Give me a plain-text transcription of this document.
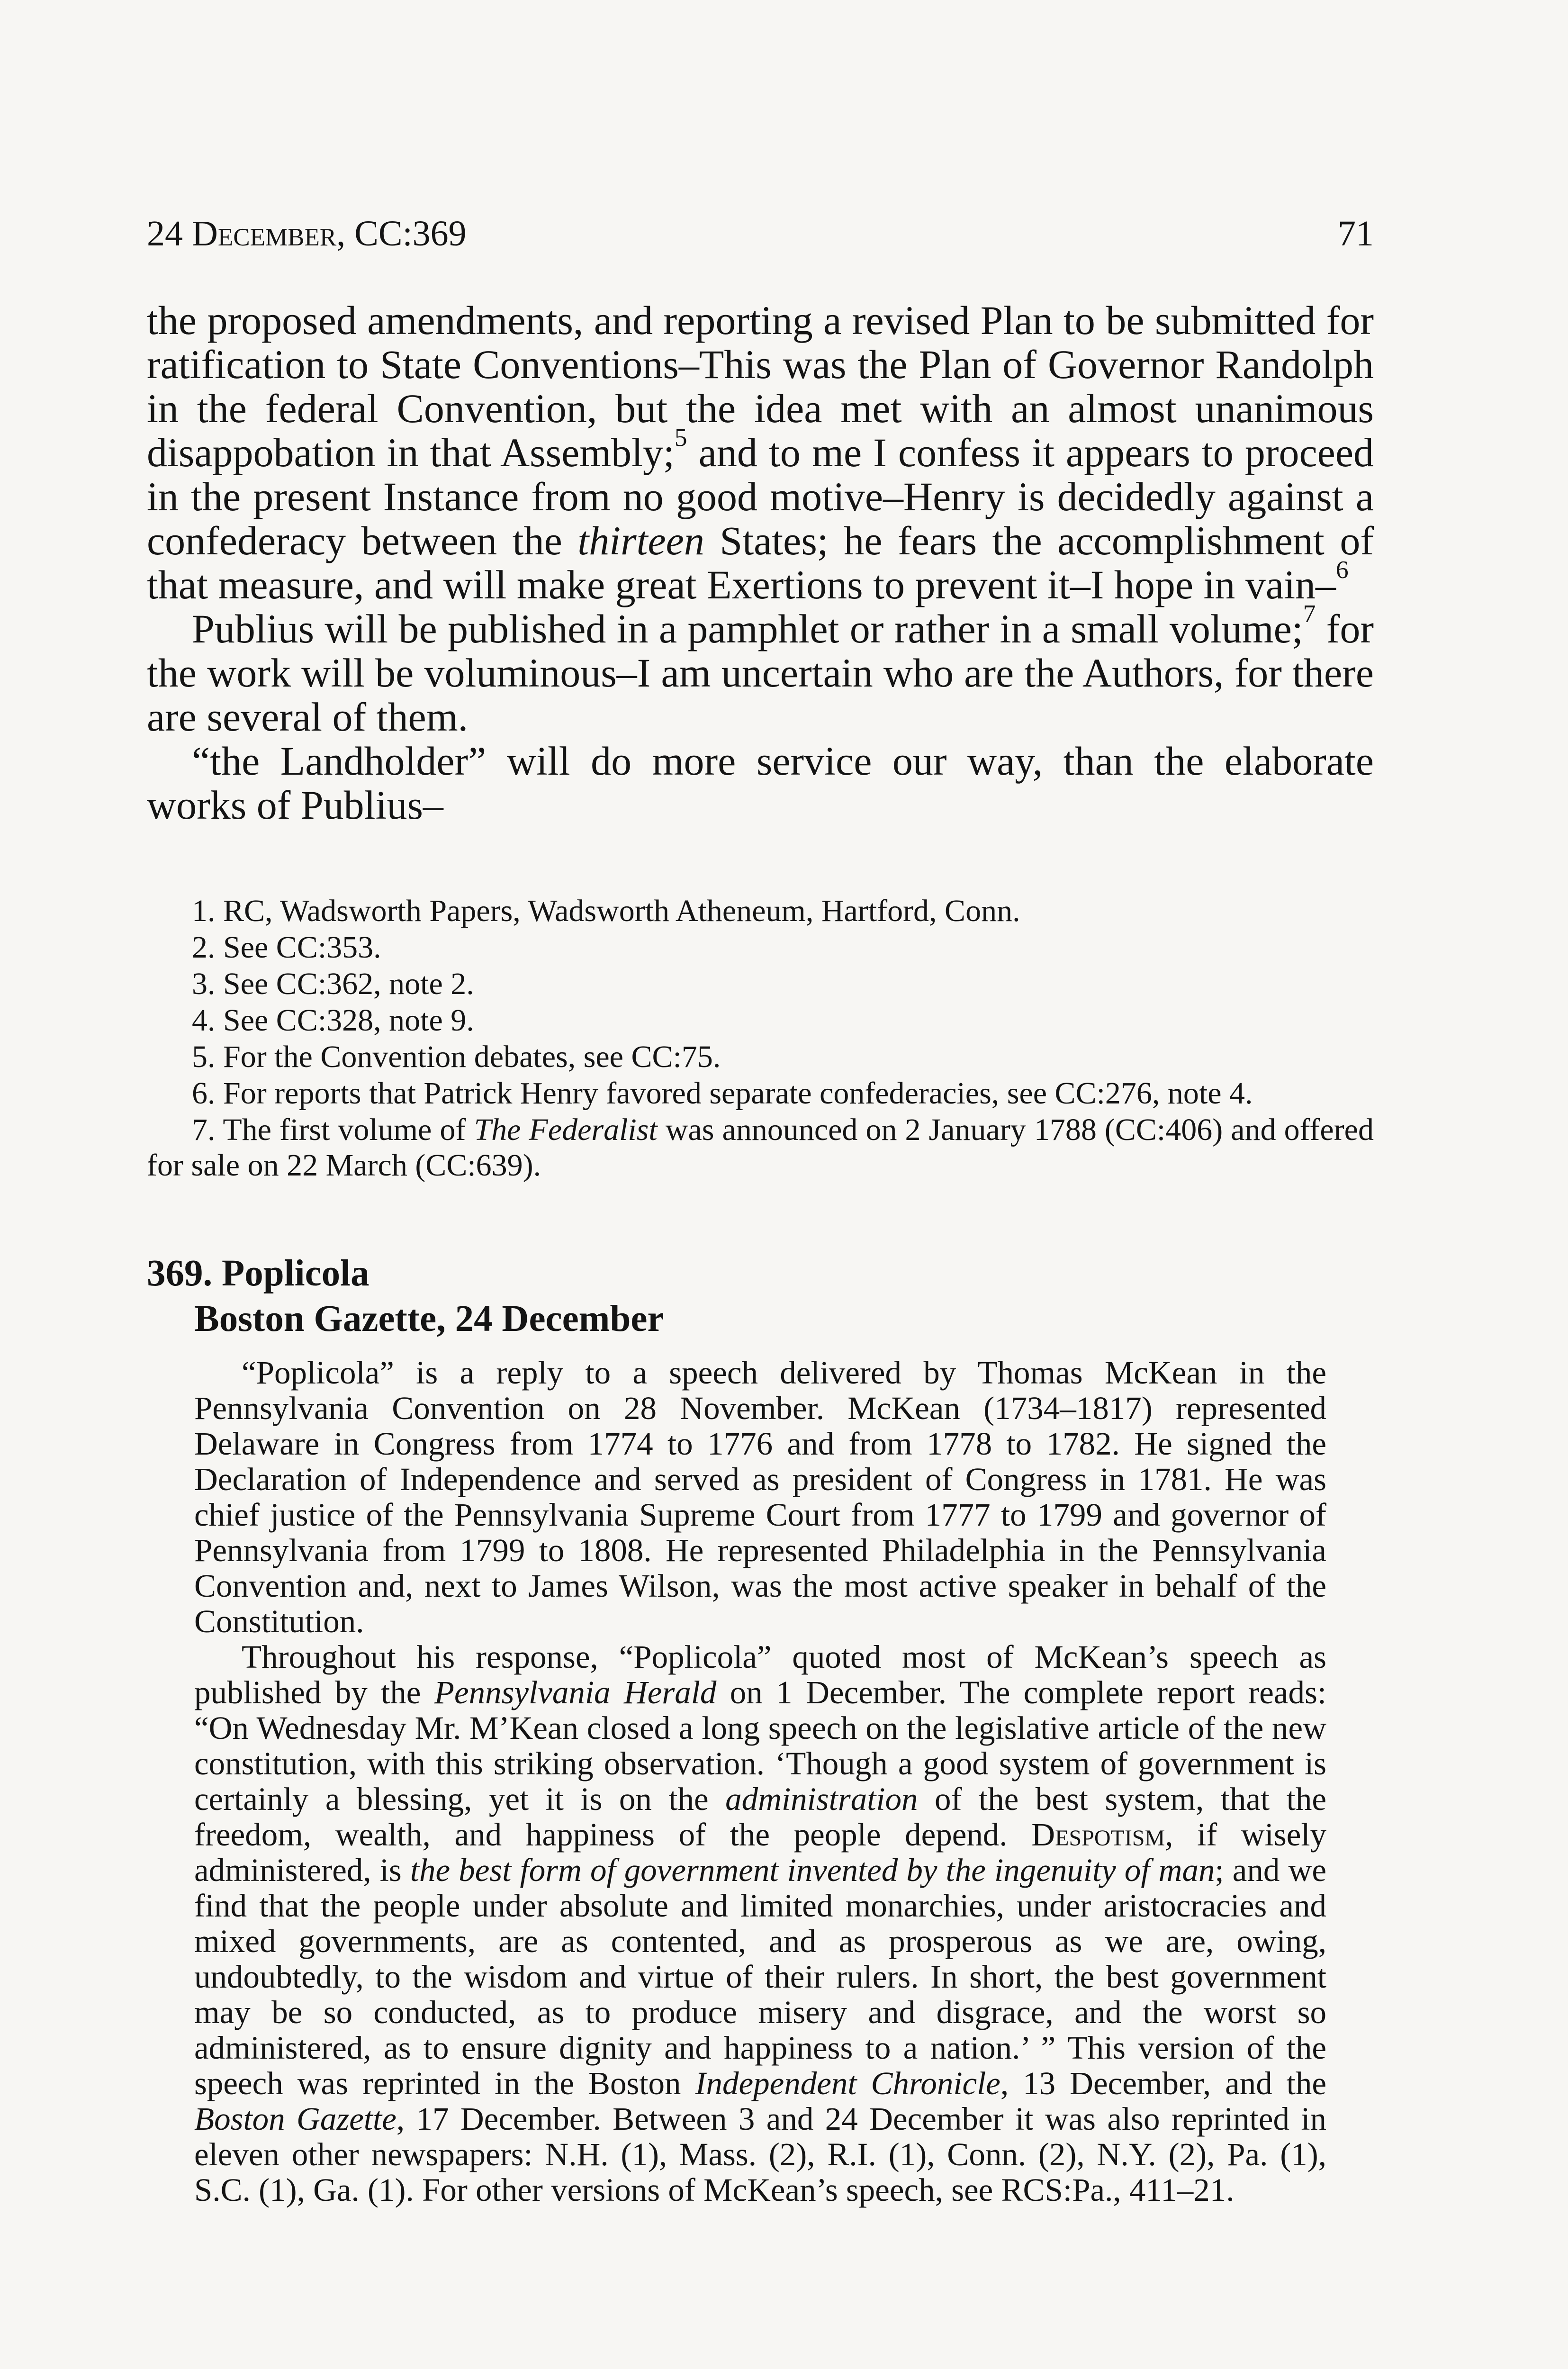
24 December, CC:369	71

the proposed amendments, and reporting a revised Plan to be submitted for ratification to State Conventions–This was the Plan of Governor Randolph in the federal Convention, but the idea met with an almost unanimous disappobation in that Assembly;$^5$ and to me I confess it appears to proceed in the present Instance from no good motive–Henry is decidedly against a confederacy between the thirteen States; he fears the accomplishment of that measure, and will make great Exertions to prevent it–I hope in vain–$^6$

Publius will be published in a pamphlet or rather in a small volume;$^7$ for the work will be voluminous–I am uncertain who are the Authors, for there are several of them.

“the Landholder” will do more service our way, than the elaborate works of Publius–

1. RC, Wadsworth Papers, Wadsworth Atheneum, Hartford, Conn.

2. See CC:353.

3. See CC:362, note 2.

4. See CC:328, note 9.

5. For the Convention debates, see CC:75.

6. For reports that Patrick Henry favored separate confederacies, see CC:276, note 4.

7. The first volume of The Federalist was announced on 2 January 1788 (CC:406) and offered for sale on 22 March (CC:639).

369. Poplicola
Boston Gazette, 24 December

“Poplicola” is a reply to a speech delivered by Thomas McKean in the Pennsylvania Convention on 28 November. McKean (1734–1817) represented Delaware in Congress from 1774 to 1776 and from 1778 to 1782. He signed the Declaration of Independence and served as president of Congress in 1781. He was chief justice of the Pennsylvania Supreme Court from 1777 to 1799 and governor of Pennsylvania from 1799 to 1808. He represented Philadelphia in the Pennsylvania Convention and, next to James Wilson, was the most active speaker in behalf of the Constitution.

Throughout his response, “Poplicola” quoted most of McKean’s speech as published by the Pennsylvania Herald on 1 December. The complete report reads: “On Wednesday Mr. M’Kean closed a long speech on the legislative article of the new constitution, with this striking observation. ‘Though a good system of government is certainly a blessing, yet it is on the administration of the best system, that the freedom, wealth, and happiness of the people depend. Despotism, if wisely administered, is the best form of government invented by the ingenuity of man; and we find that the people under absolute and limited monarchies, under aristocracies and mixed governments, are as contented, and as prosperous as we are, owing, undoubtedly, to the wisdom and virtue of their rulers. In short, the best government may be so conducted, as to produce misery and disgrace, and the worst so administered, as to ensure dignity and happiness to a nation.’ ” This version of the speech was reprinted in the Boston Independent Chronicle, 13 December, and the Boston Gazette, 17 December. Between 3 and 24 December it was also reprinted in eleven other newspapers: N.H. (1), Mass. (2), R.I. (1), Conn. (2), N.Y. (2), Pa. (1), S.C. (1), Ga. (1). For other versions of McKean’s speech, see RCS:Pa., 411–21.
